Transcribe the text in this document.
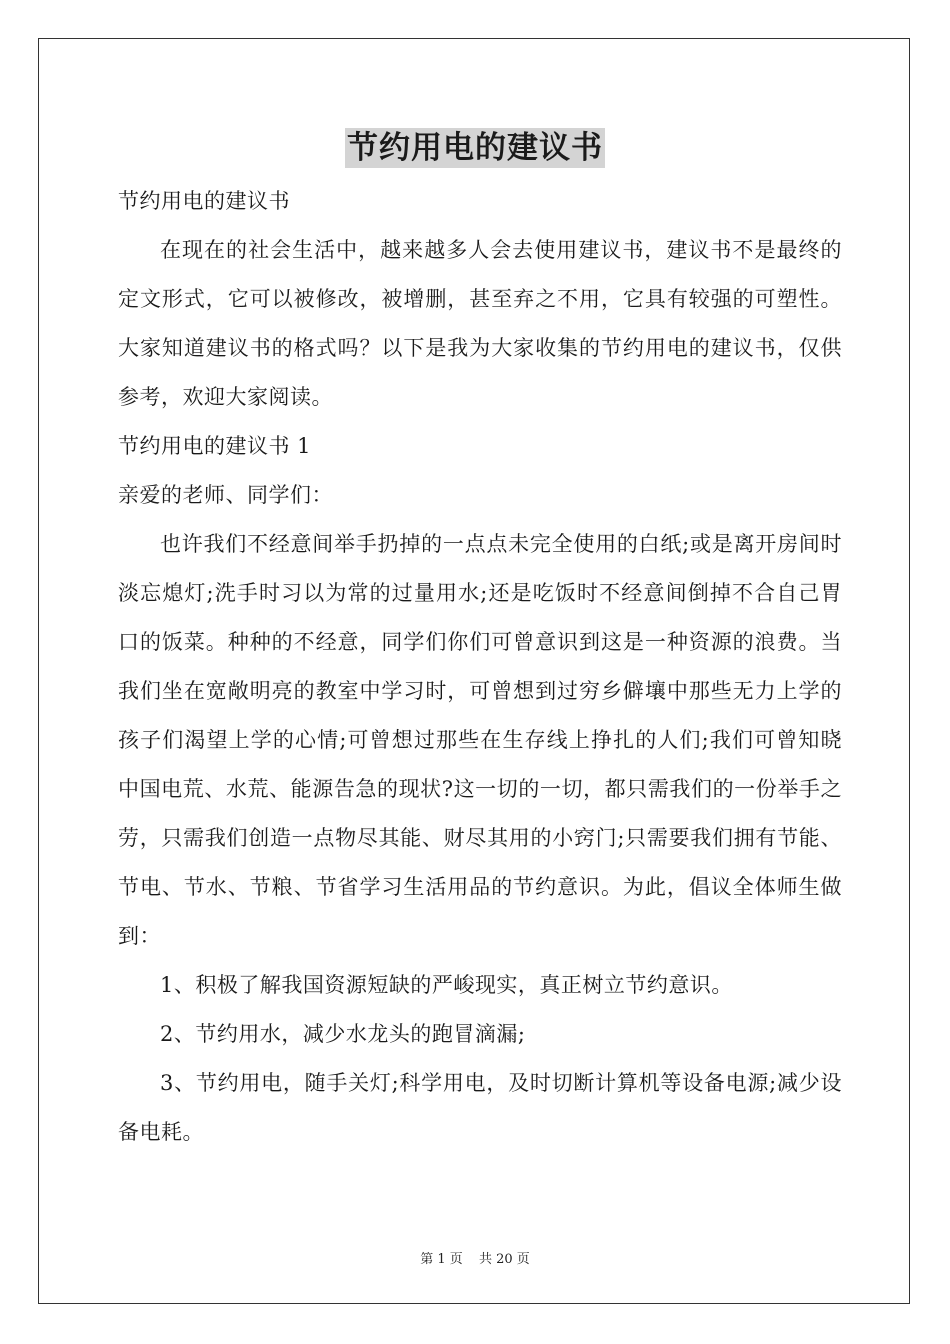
节约用电的建议书

节约用电的建议书

在现在的社会生活中，越来越多人会去使用建议书，建议书不是最终的定文形式，它可以被修改，被增删，甚至弃之不用，它具有较强的可塑性。大家知道建议书的格式吗？以下是我为大家收集的节约用电的建议书，仅供参考，欢迎大家阅读。

节约用电的建议书 1

亲爱的老师、同学们：

也许我们不经意间举手扔掉的一点点未完全使用的白纸;或是离开房间时淡忘熄灯;洗手时习以为常的过量用水;还是吃饭时不经意间倒掉不合自己胃口的饭菜。种种的不经意，同学们你们可曾意识到这是一种资源的浪费。当我们坐在宽敞明亮的教室中学习时，可曾想到过穷乡僻壤中那些无力上学的孩子们渴望上学的心情;可曾想过那些在生存线上挣扎的人们;我们可曾知晓中国电荒、水荒、能源告急的现状?这一切的一切，都只需我们的一份举手之劳，只需我们创造一点物尽其能、财尽其用的小窍门;只需要我们拥有节能、节电、节水、节粮、节省学习生活用品的节约意识。为此，倡议全体师生做到：

1、积极了解我国资源短缺的严峻现实，真正树立节约意识。

2、节约用水，减少水龙头的跑冒滴漏;

3、节约用电，随手关灯;科学用电，及时切断计算机等设备电源;减少设备电耗。

第 1 页 共 20 页
